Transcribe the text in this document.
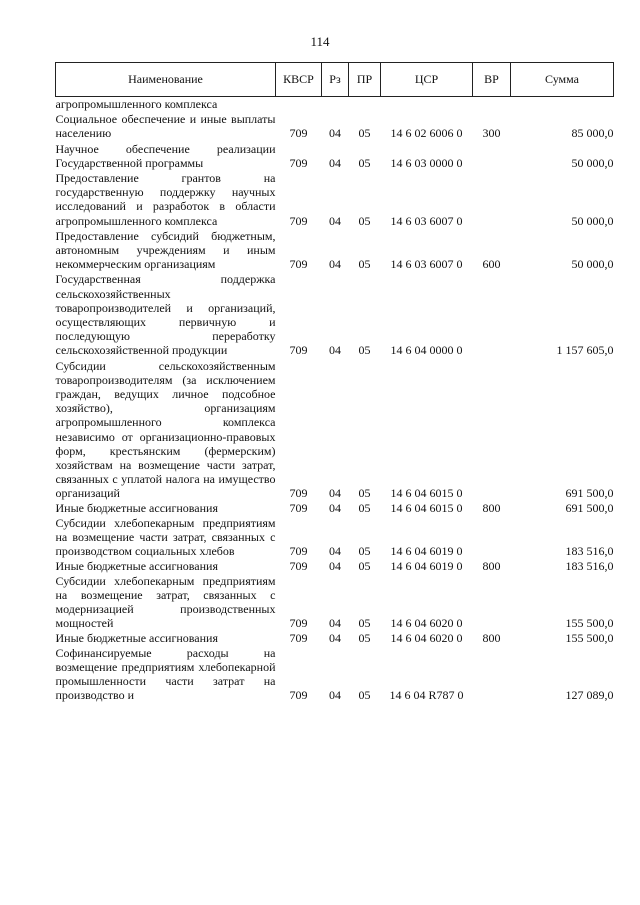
114
Наименование	КВСР	Рз	ПР	ЦСР	ВР	Сумма
агропромышленного комплекса						
Социальное обеспечение и иные выплаты населению	709	04	05	14 6 02 6006 0	300	85 000,0
Научное обеспечение реализации Государственной программы	709	04	05	14 6 03 0000 0		50 000,0
Предоставление грантов на государственную поддержку научных исследований и разработок в области агропромышленного комплекса	709	04	05	14 6 03 6007 0		50 000,0
Предоставление субсидий бюджетным, автономным учреждениям и иным некоммерческим организациям	709	04	05	14 6 03 6007 0	600	50 000,0
Государственная поддержка сельскохозяйственных товаропроизводителей и организаций, осуществляющих первичную и последующую переработку сельскохозяйственной продукции	709	04	05	14 6 04 0000 0		1 157 605,0
Субсидии сельскохозяйственным товаропроизводителям (за исключением граждан, ведущих личное подсобное хозяйство), организациям агропромышленного комплекса независимо от организационно-правовых форм, крестьянским (фермерским) хозяйствам на возмещение части затрат, связанных с уплатой налога на имущество организаций	709	04	05	14 6 04 6015 0		691 500,0
Иные бюджетные ассигнования	709	04	05	14 6 04 6015 0	800	691 500,0
Субсидии хлебопекарным предприятиям на возмещение части затрат, связанных с производством социальных хлебов	709	04	05	14 6 04 6019 0		183 516,0
Иные бюджетные ассигнования	709	04	05	14 6 04 6019 0	800	183 516,0
Субсидии хлебопекарным предприятиям на возмещение затрат, связанных с модернизацией производственных мощностей	709	04	05	14 6 04 6020 0		155 500,0
Иные бюджетные ассигнования	709	04	05	14 6 04 6020 0	800	155 500,0
Софинансируемые расходы на возмещение предприятиям хлебопекарной промышленности части затрат на производство и	709	04	05	14 6 04 R787 0		127 089,0
